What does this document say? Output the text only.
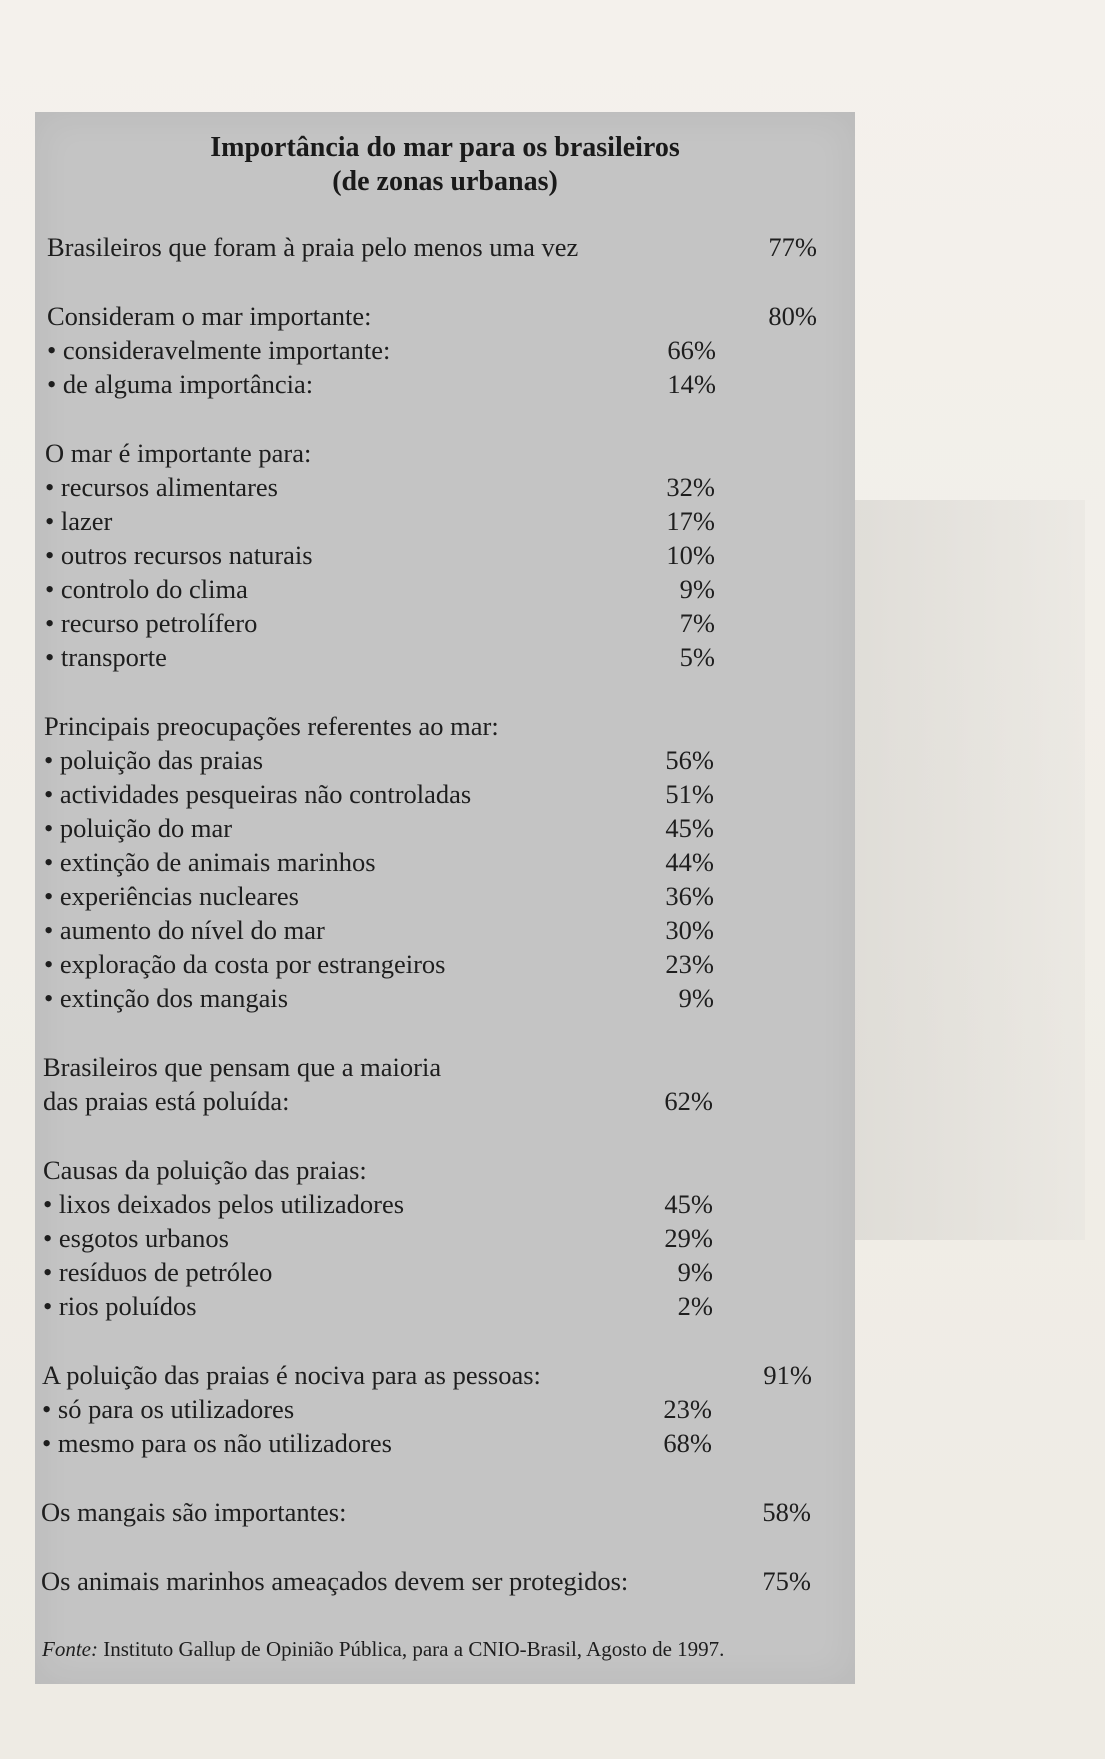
Importância do mar para os brasileiros
(de zonas urbanas)
Brasileiros que foram à praia pelo menos uma vez	77%
Consideram o mar importante:	80%
• consideravelmente importante:	66%
• de alguma importância:	14%
O mar é importante para:
• recursos alimentares	32%
• lazer	17%
• outros recursos naturais	10%
• controlo do clima	9%
• recurso petrolífero	7%
• transporte	5%
Principais preocupações referentes ao mar:
• poluição das praias	56%
• actividades pesqueiras não controladas	51%
• poluição do mar	45%
• extinção de animais marinhos	44%
• experiências nucleares	36%
• aumento do nível do mar	30%
• exploração da costa por estrangeiros	23%
• extinção dos mangais	9%
Brasileiros que pensam que a maioria
das praias está poluída:	62%
Causas da poluição das praias:
• lixos deixados pelos utilizadores	45%
• esgotos urbanos	29%
• resíduos de petróleo	9%
• rios poluídos	2%
A poluição das praias é nociva para as pessoas:	91%
• só para os utilizadores	23%
• mesmo para os não utilizadores	68%
Os mangais são importantes:	58%
Os animais marinhos ameaçados devem ser protegidos:	75%
Fonte: Instituto Gallup de Opinião Pública, para a CNIO-Brasil, Agosto de 1997.
